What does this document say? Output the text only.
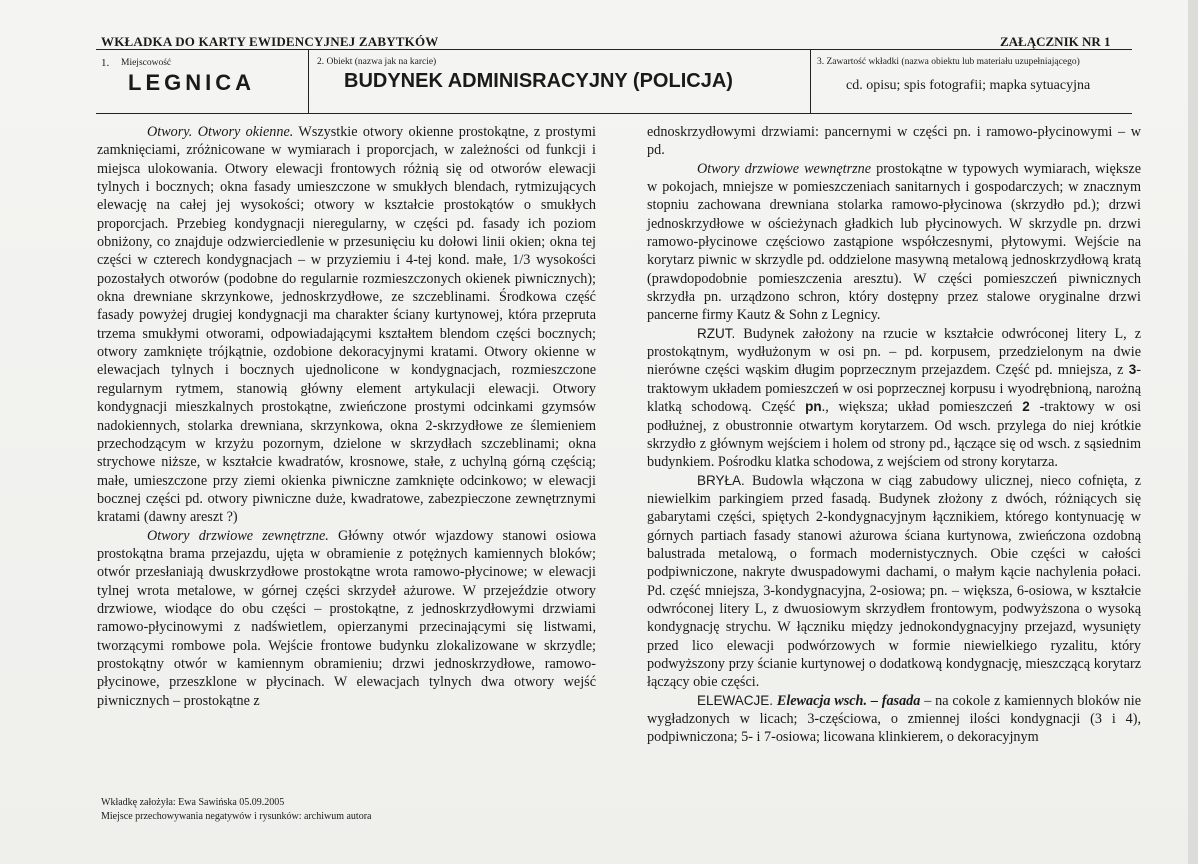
WKŁADKA DO KARTY EWIDENCYJNEJ ZABYTKÓW	ZAŁĄCZNIK NR 1
1. Miejscowość
LEGNICA
2. Obiekt (nazwa jak na karcie)
BUDYNEK ADMINISRACYJNY (POLICJA)
3. Zawartość wkładki (nazwa obiektu lub materiału uzupełniającego)
cd. opisu; spis fotografii; mapka sytuacyjna

Otwory. Otwory okienne. Wszystkie otwory okienne prostokątne, z prostymi zamknięciami, zróżnicowane w wymiarach i proporcjach, w zależności od funkcji i miejsca ulokowania. Otwory elewacji frontowych różnią się od otworów elewacji tylnych i bocznych; okna fasady umieszczone w smukłych blendach, rytmizujących elewację na całej jej wysokości; otwory w kształcie prostokątów o smukłych proporcjach. Przebieg kondygnacji nieregularny, w części pd. fasady ich poziom obniżony, co znajduje odzwierciedlenie w przesunięciu ku dołowi linii okien; okna tej części w czterech kondygnacjach – w przyziemiu i 4-tej kond. małe, 1/3 wysokości pozostałych otworów (podobne do regularnie rozmieszczonych okienek piwnicznych); okna drewniane skrzynkowe, jednoskrzydłowe, ze szczeblinami. Środkowa część fasady powyżej drugiej kondygnacji ma charakter ściany kurtynowej, która przepruta trzema smukłymi otworami, odpowiadającymi kształtem blendom części bocznych; otwory zamknięte trójkątnie, ozdobione dekoracyjnymi kratami. Otwory okienne w elewacjach tylnych i bocznych ujednolicone w kondygnacjach, rozmieszczone regularnym rytmem, stanowią główny element artykulacji elewacji. Otwory kondygnacji mieszkalnych prostokątne, zwieńczone prostymi odcinkami gzymsów nadokiennych, stolarka drewniana, skrzynkowa, okna 2-skrzydłowe ze ślemieniem przechodzącym w krzyżu pozornym, dzielone w skrzydłach szczeblinami; okna strychowe niższe, w kształcie kwadratów, krosnowe, stałe, z uchylną górną częścią; małe, umieszczone przy ziemi okienka piwniczne zamknięte odcinkowo; w elewacji bocznej części pd. otwory piwniczne duże, kwadratowe, zabezpieczone zewnętrznymi kratami (dawny areszt ?)

Otwory drzwiowe zewnętrzne. Główny otwór wjazdowy stanowi osiowa prostokątna brama przejazdu, ujęta w obramienie z potężnych kamiennych bloków; otwór przesłaniają dwuskrzydłowe prostokątne wrota ramowo-płycinowe; w elewacji tylnej wrota metalowe, w górnej części skrzydeł ażurowe. W przejeździe otwory drzwiowe, wiodące do obu części – prostokątne, z jednoskrzydłowymi drzwiami ramowo-płycinowymi z nadświetlem, opierzanymi przecinającymi się listwami, tworzącymi rombowe pola. Wejście frontowe budynku zlokalizowane w skrzydle; prostokątny otwór w kamiennym obramieniu; drzwi jednoskrzydłowe, ramowo-płycinowe, przeszklone w płycinach. W elewacjach tylnych dwa otwory wejść piwnicznych – prostokątne z

ednoskrzydłowymi drzwiami: pancernymi w części pn. i ramowo-płycinowymi – w pd.

Otwory drzwiowe wewnętrzne prostokątne w typowych wymiarach, większe w pokojach, mniejsze w pomieszczeniach sanitarnych i gospodarczych; w znacznym stopniu zachowana drewniana stolarka ramowo-płycinowa (skrzydło pd.); drzwi jednoskrzydłowe w ościeżynach gładkich lub płycinowych. W skrzydle pn. drzwi ramowo-płycinowe częściowo zastąpione współczesnymi, płytowymi. Wejście na korytarz piwnic w skrzydle pd. oddzielone masywną metalową jednoskrzydłową kratą (prawdopodobnie pomieszczenia aresztu). W części pomieszczeń piwnicznych skrzydła pn. urządzono schron, który dostępny przez stalowe oryginalne drzwi pancerne firmy Kautz & Sohn z Legnicy.

RZUT. Budynek założony na rzucie w kształcie odwróconej litery L, z prostokątnym, wydłużonym w osi pn. – pd. korpusem, przedzielonym na dwie nierówne części wąskim długim poprzecznym przejazdem. Część pd. mniejsza, z 3-traktowym układem pomieszczeń w osi poprzecznej korpusu i wyodrębnioną, narożną klatką schodową. Część pn., większa; układ pomieszczeń 2 -traktowy w osi podłużnej, z obustronnie otwartym korytarzem. Od wsch. przylega do niej krótkie skrzydło z głównym wejściem i holem od strony pd., łączące się od wsch. z sąsiednim budynkiem. Pośrodku klatka schodowa, z wejściem od strony korytarza.

BRYŁA. Budowla włączona w ciąg zabudowy ulicznej, nieco cofnięta, z niewielkim parkingiem przed fasadą. Budynek złożony z dwóch, różniących się gabarytami części, spiętych 2-kondygnacyjnym łącznikiem, którego kontynuację w górnych partiach fasady stanowi ażurowa ściana kurtynowa, zwieńczona ozdobną balustrada metalową, o formach modernistycznych. Obie części w całości podpiwniczone, nakryte dwuspadowymi dachami, o małym kącie nachylenia połaci. Pd. część mniejsza, 3-kondygnacyjna, 2-osiowa; pn. – większa, 6-osiowa, w kształcie odwróconej litery L, z dwuosiowym skrzydłem frontowym, podwyższona o wysoką kondygnację strychu. W łączniku między jednokondygnacyjny przejazd, wysunięty przed lico elewacji podwórzowych w formie niewielkiego ryzalitu, który podwyższony przy ścianie kurtynowej o dodatkową kondygnację, mieszczącą korytarz łączący obie części.

ELEWACJE. Elewacja wsch. – fasada – na cokole z kamiennych bloków nie wygładzonych w licach; 3-częściowa, o zmiennej ilości kondygnacji (3 i 4), podpiwniczona; 5- i 7-osiowa; licowana klinkierem, o dekoracyjnym

Wkładkę założyła: Ewa Sawińska 05.09.2005
Miejsce przechowywania negatywów i rysunków: archiwum autora
